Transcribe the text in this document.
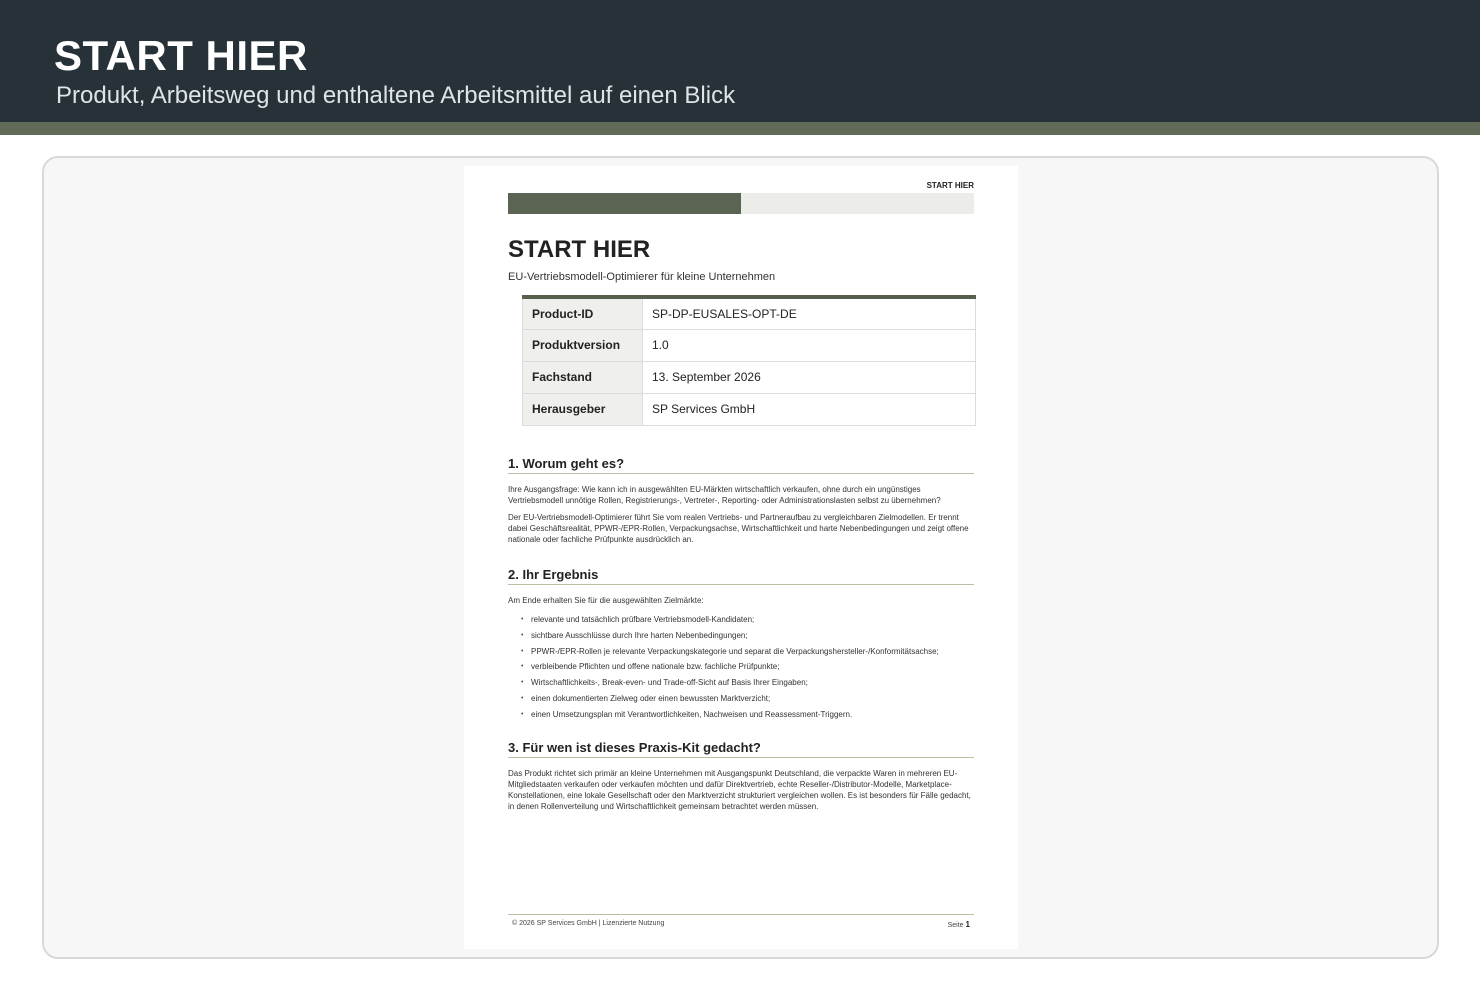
START HIER
Produkt, Arbeitsweg und enthaltene Arbeitsmittel auf einen Blick
START HIER
START HIER
EU-Vertriebsmodell-Optimierer für kleine Unternehmen
Product-ID	SP-DP-EUSALES-OPT-DE
Produktversion	1.0
Fachstand	13. September 2026
Herausgeber	SP Services GmbH
1. Worum geht es?

Ihre Ausgangsfrage: Wie kann ich in ausgewählten EU-Märkten wirtschaftlich verkaufen, ohne durch ein ungünstiges Vertriebsmodell unnötige Rollen, Registrierungs-, Vertreter-, Reporting- oder Administrationslasten selbst zu übernehmen?

Der EU-Vertriebsmodell-Optimierer führt Sie vom realen Vertriebs- und Partneraufbau zu vergleichbaren Zielmodellen. Er trennt dabei Geschäftsrealität, PPWR-/EPR-Rollen, Verpackungsachse, Wirtschaftlichkeit und harte Nebenbedingungen und zeigt offene nationale oder fachliche Prüfpunkte ausdrücklich an.

2. Ihr Ergebnis

Am Ende erhalten Sie für die ausgewählten Zielmärkte:

• relevante und tatsächlich prüfbare Vertriebsmodell-Kandidaten;
• sichtbare Ausschlüsse durch Ihre harten Nebenbedingungen;
• PPWR-/EPR-Rollen je relevante Verpackungskategorie und separat die Verpackungshersteller-/Konformitätsachse;
• verbleibende Pflichten und offene nationale bzw. fachliche Prüfpunkte;
• Wirtschaftlichkeits-, Break-even- und Trade-off-Sicht auf Basis Ihrer Eingaben;
• einen dokumentierten Zielweg oder einen bewussten Marktverzicht;
• einen Umsetzungsplan mit Verantwortlichkeiten, Nachweisen und Reassessment-Triggern.
3. Für wen ist dieses Praxis-Kit gedacht?

Das Produkt richtet sich primär an kleine Unternehmen mit Ausgangspunkt Deutschland, die verpackte Waren in mehreren EU-Mitgliedstaaten verkaufen oder verkaufen möchten und dafür Direktvertrieb, echte Reseller-/Distributor-Modelle, Marketplace-Konstellationen, eine lokale Gesellschaft oder den Marktverzicht strukturiert vergleichen wollen. Es ist besonders für Fälle gedacht, in denen Rollenverteilung und Wirtschaftlichkeit gemeinsam betrachtet werden müssen.

© 2026 SP Services GmbH | Lizenzierte Nutzung	Seite 1
